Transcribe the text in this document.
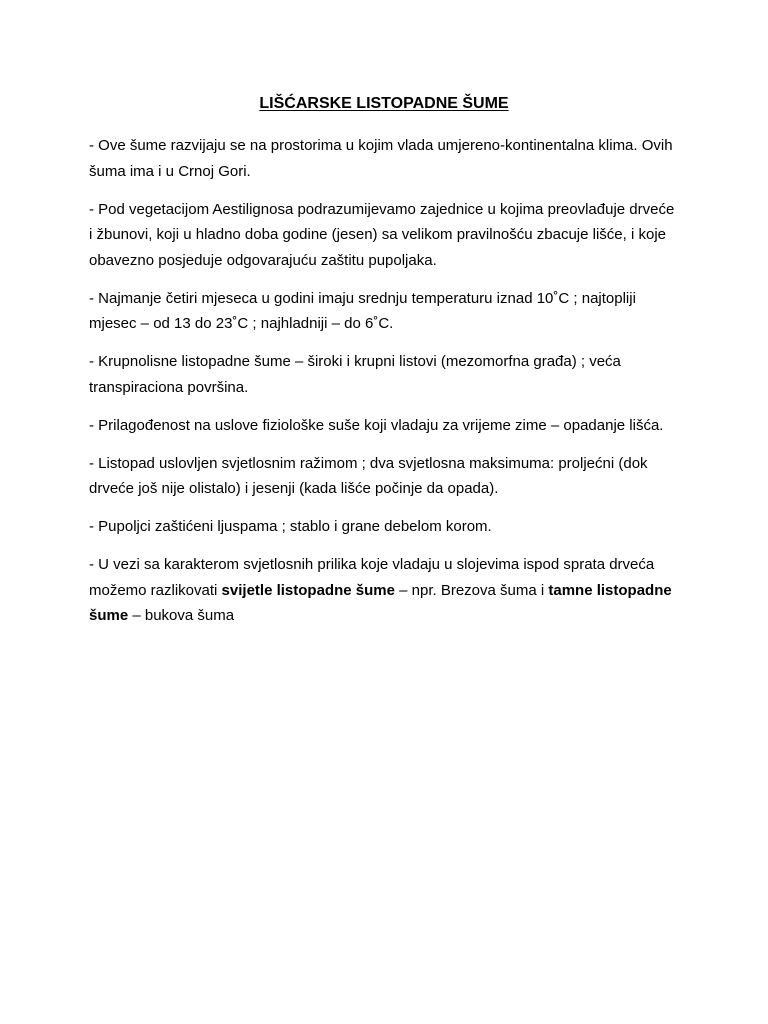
LIŠĆARSKE LISTOPADNE ŠUME

- Ove šume razvijaju se na prostorima u kojim vlada umjereno-kontinentalna klima. Ovih šuma ima i u Crnoj Gori.

- Pod vegetacijom Aestilignosa podrazumijevamo zajednice u kojima preovlađuje drveće i žbunovi, koji u hladno doba godine (jesen) sa velikom pravilnošću zbacuje lišće, i koje obavezno posjeduje odgovarajuću zaštitu pupoljaka.

- Najmanje četiri mjeseca u godini imaju srednju temperaturu iznad 10˚C ; najtopliji mjesec – od 13 do 23˚C ; najhladniji – do 6˚C.

- Krupnolisne listopadne šume – široki i krupni listovi (mezomorfna građa) ; veća transpiraciona površina.

- Prilagođenost na uslove fiziološke suše koji vladaju za vrijeme zime – opadanje lišća.

- Listopad uslovljen svjetlosnim ražimom ; dva svjetlosna maksimuma: proljećni (dok drveće još nije olistalo) i jesenji (kada lišće počinje da opada).

- Pupoljci zaštićeni ljuspama ; stablo i grane debelom korom.

- U vezi sa karakterom svjetlosnih prilika koje vladaju u slojevima ispod sprata drveća možemo razlikovati svijetle listopadne šume – npr. Brezova šuma i tamne listopadne šume – bukova šuma
